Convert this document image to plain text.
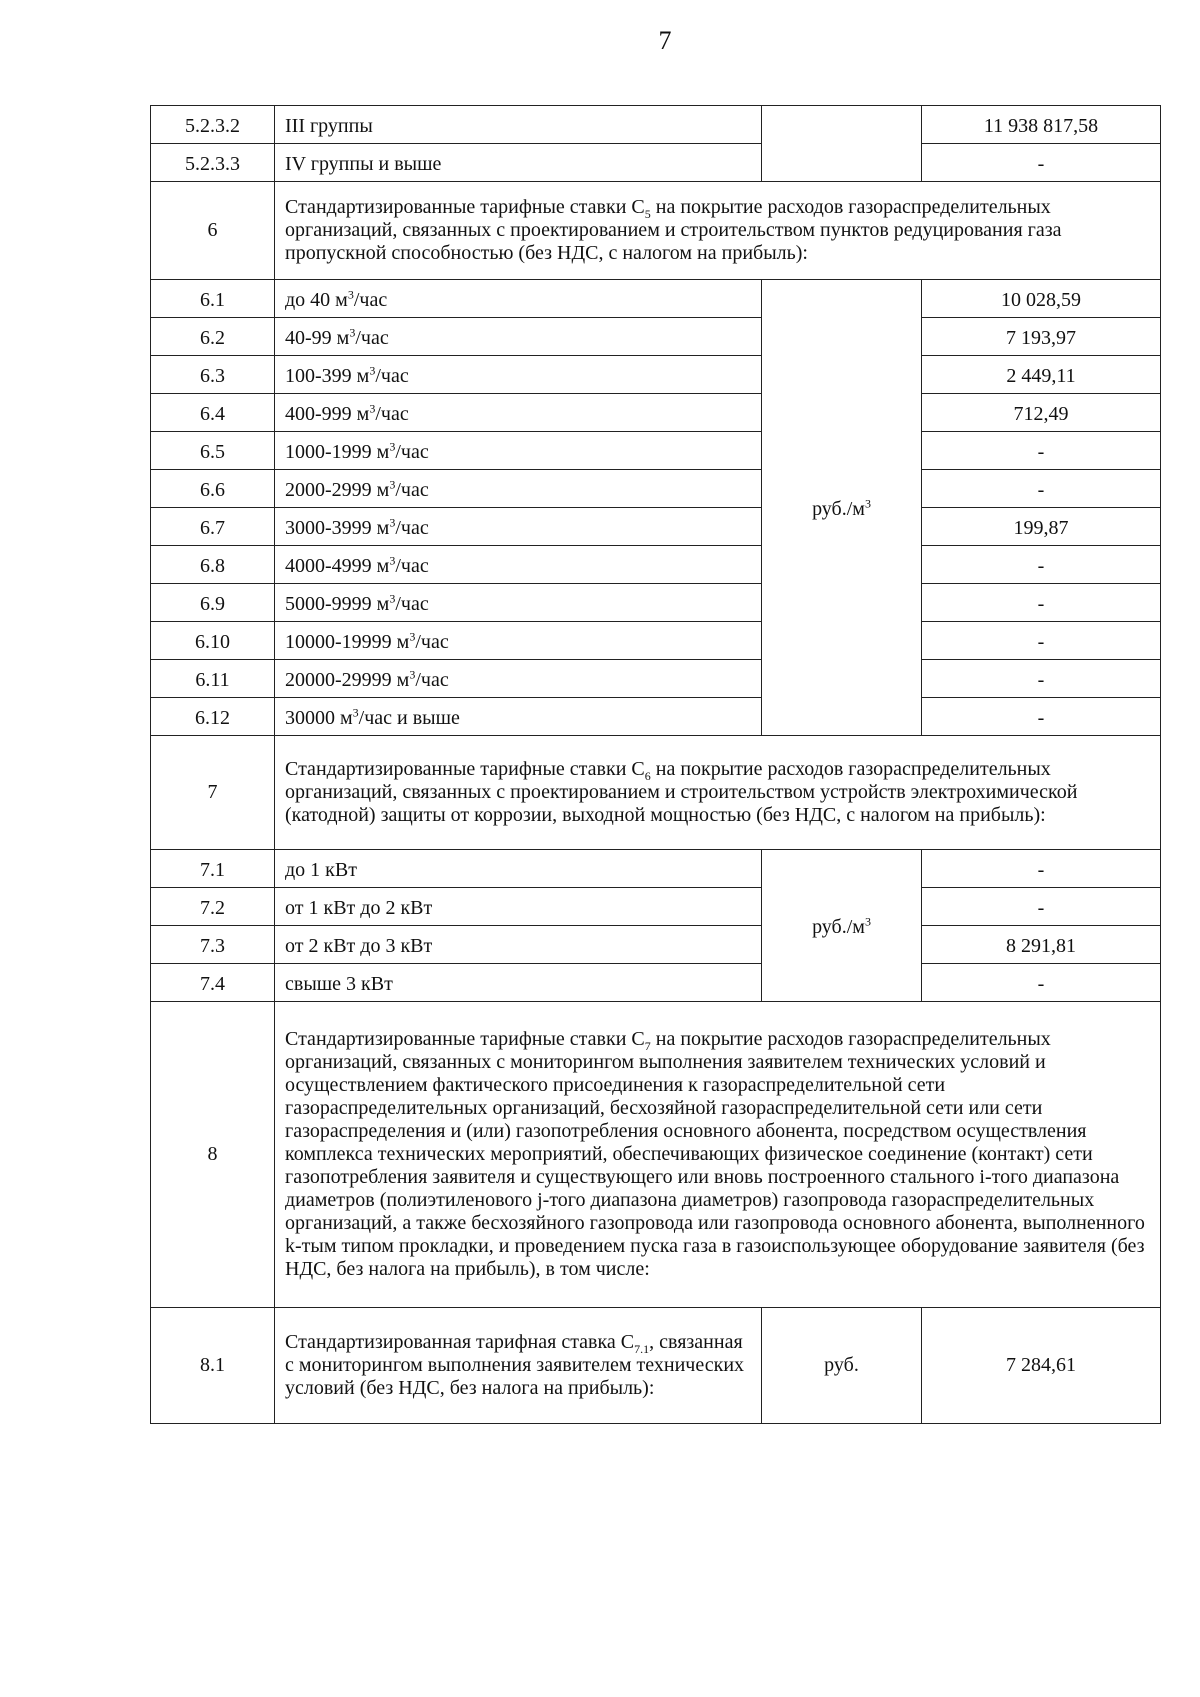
7
5.2.3.2	III группы		11 938 817,58
5.2.3.3	IV группы и выше		-
6	Стандартизированные тарифные ставки $С_5$ на покрытие расходов газораспределительных организаций, связанных с проектированием и строительством пунктов редуцирования газа пропускной способностью (без НДС, с налогом на прибыль):		
6.1	до 40 $м^3$/час	$руб./м^3$	10 028,59
6.2	40-99 $м^3$/час		7 193,97
6.3	100-399 $м^3$/час		2 449,11
6.4	400-999 $м^3$/час		712,49
6.5	1000-1999 $м^3$/час		-
6.6	2000-2999 $м^3$/час		-
6.7	3000-3999 $м^3$/час		199,87
6.8	4000-4999 $м^3$/час		-
6.9	5000-9999 $м^3$/час		-
6.10	10000-19999 $м^3$/час		-
6.11	20000-29999 $м^3$/час		-
6.12	30000 $м^3$/час и выше		-
7	Стандартизированные тарифные ставки $С_6$ на покрытие расходов газораспределительных организаций, связанных с проектированием и строительством устройств электрохимической (катодной) защиты от коррозии, выходной мощностью (без НДС, с налогом на прибыль):		
7.1	до 1 кВт	$руб./м^3$	-
7.2	от 1 кВт до 2 кВт		-
7.3	от 2 кВт до 3 кВт		8 291,81
7.4	свыше 3 кВт		-
8	Стандартизированные тарифные ставки $С_7$ на покрытие расходов газораспределительных организаций, связанных с мониторингом выполнения заявителем технических условий и осуществлением фактического присоединения к газораспределительной сети газораспределительных организаций, бесхозяйной газораспределительной сети или сети газораспределения и (или) газопотребления основного абонента, посредством осуществления комплекса технических мероприятий, обеспечивающих физическое соединение (контакт) сети газопотребления заявителя и существующего или вновь построенного стального i-того диапазона диаметров (полиэтиленового j-того диапазона диаметров) газопровода газораспределительных организаций, а также бесхозяйного газопровода или газопровода основного абонента, выполненного k-тым типом прокладки, и проведением пуска газа в газоиспользующее оборудование заявителя (без НДС, без налога на прибыль), в том числе:		
8.1	Стандартизированная тарифная ставка $С_{7.1}$, связанная с мониторингом выполнения заявителем технических условий (без НДС, без налога на прибыль):	руб.	7 284,61
